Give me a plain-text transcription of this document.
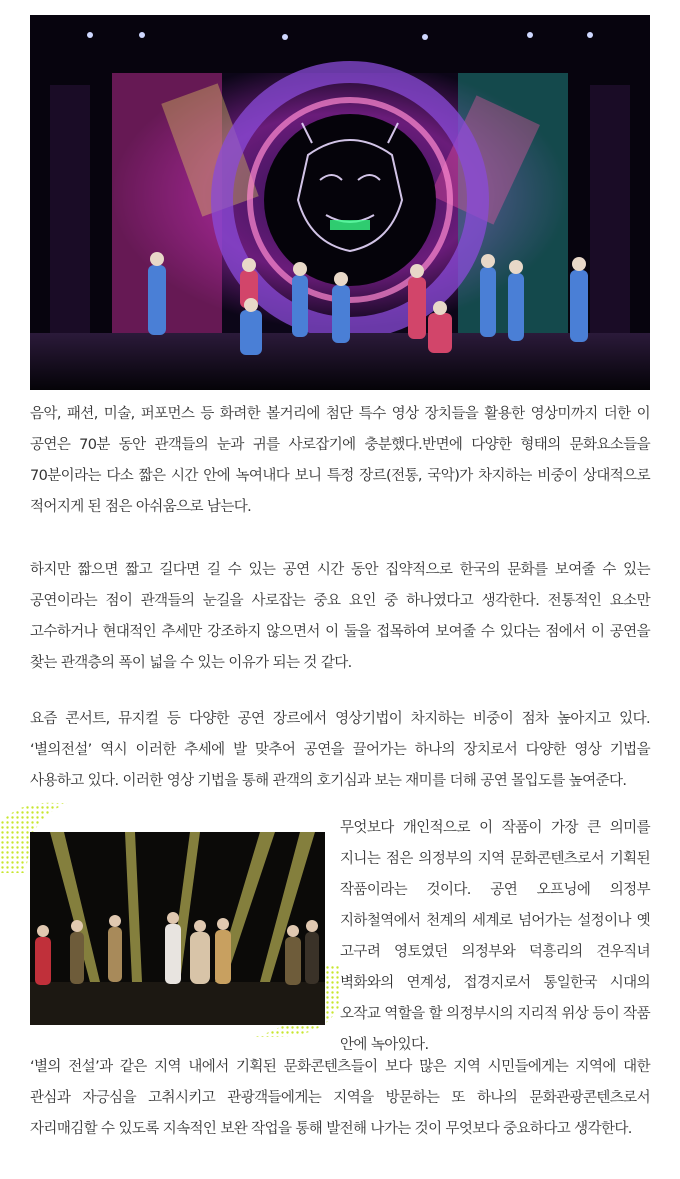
음악, 패션, 미술, 퍼포먼스 등 화려한 볼거리에 첨단 특수 영상 장치들을 활용한 영상미까지 더한 이 공연은 70분 동안 관객들의 눈과 귀를 사로잡기에 충분했다.반면에 다양한 형태의 문화요소들을 70분이라는 다소 짧은 시간 안에 녹여내다 보니 특정 장르(전통, 국악)가 차지하는 비중이 상대적으로 적어지게 된 점은 아쉬움으로 남는다.

하지만 짧으면 짧고 길다면 길 수 있는 공연 시간 동안 집약적으로 한국의 문화를 보여줄 수 있는 공연이라는 점이 관객들의 눈길을 사로잡는 중요 요인 중 하나였다고 생각한다. 전통적인 요소만 고수하거나 현대적인 추세만 강조하지 않으면서 이 둘을 접목하여 보여줄 수 있다는 점에서 이 공연을 찾는 관객층의 폭이 넓을 수 있는 이유가 되는 것 같다.

요즘 콘서트, 뮤지컬 등 다양한 공연 장르에서 영상기법이 차지하는 비중이 점차 높아지고 있다. ‘별의전설’ 역시 이러한 추세에 발 맞추어 공연을 끌어가는 하나의 장치로서 다양한 영상 기법을 사용하고 있다. 이러한 영상 기법을 통해 관객의 호기심과 보는 재미를 더해 공연 몰입도를 높여준다.

무엇보다 개인적으로 이 작품이 가장 큰 의미를 지니는 점은 의정부의 지역 문화콘텐츠로서 기획된 작품이라는 것이다. 공연 오프닝에 의정부 지하철역에서 천계의 세계로 넘어가는 설정이나 옛 고구려 영토였던 의정부와 덕흥리의 견우직녀 벽화와의 연계성, 접경지로서 통일한국 시대의 오작교 역할을 할 의정부시의 지리적 위상 등이 작품 안에 녹아있다.

‘별의 전설’과 같은 지역 내에서 기획된 문화콘텐츠들이 보다 많은 지역 시민들에게는 지역에 대한 관심과 자긍심을 고취시키고 관광객들에게는 지역을 방문하는 또 하나의 문화관광콘텐츠로서 자리매김할 수 있도록 지속적인 보완 작업을 통해 발전해 나가는 것이 무엇보다 중요하다고 생각한다.
